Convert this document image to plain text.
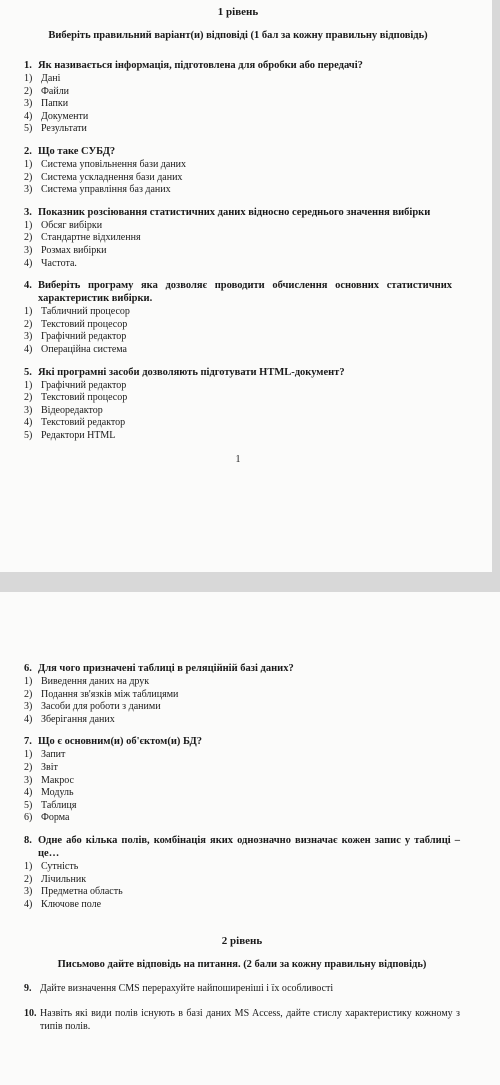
1 рівень
Виберіть правильний варіант(и) відповіді (1 бал за кожну правильну відповідь)
1. Як називається інформація, підготовлена для обробки або передачі?
1) Дані
2) Файли
3) Папки
4) Документи
5) Результати
2. Що таке СУБД?
1) Система уповільнення бази даних
2) Система ускладнення бази даних
3) Система управління баз даних
3. Показник розсіювання статистичних даних відносно середнього значення вибірки
1) Обсяг вибірки
2) Стандартне відхилення
3) Розмах вибірки
4) Частота.
4. Виберіть програму яка дозволяє проводити обчислення основних статистичних характеристик вибірки.
1) Табличний процесор
2) Текстовий процесор
3) Графічний редактор
4) Операційна система
5. Які програмні засоби дозволяють підготувати HTML-документ?
1) Графічний редактор
2) Текстовий процесор
3) Відеоредактор
4) Текстовий редактор
5) Редактори HTML
1
6. Для чого призначені таблиці в реляційній базі даних?
1) Виведення даних на друк
2) Подання зв'язків між таблицями
3) Засоби для роботи з даними
4) Зберігання даних
7. Що є основним(и) об'єктом(и) БД?
1) Запит
2) Звіт
3) Макрос
4) Модуль
5) Таблиця
6) Форма
8. Одне або кілька полів, комбінація яких однозначно визначає кожен запис у таблиці – це…
1) Сутність
2) Лічильник
3) Предметна область
4) Ключове поле
2 рівень
Письмово дайте відповідь на питання. (2 бали за кожну правильну відповідь)
9. Дайте визначення CMS перерахуйте найпоширеніші і їх особливості
10. Назвіть які види полів існують в базі даних MS Access, дайте стислу характеристику кожному з типів полів.
